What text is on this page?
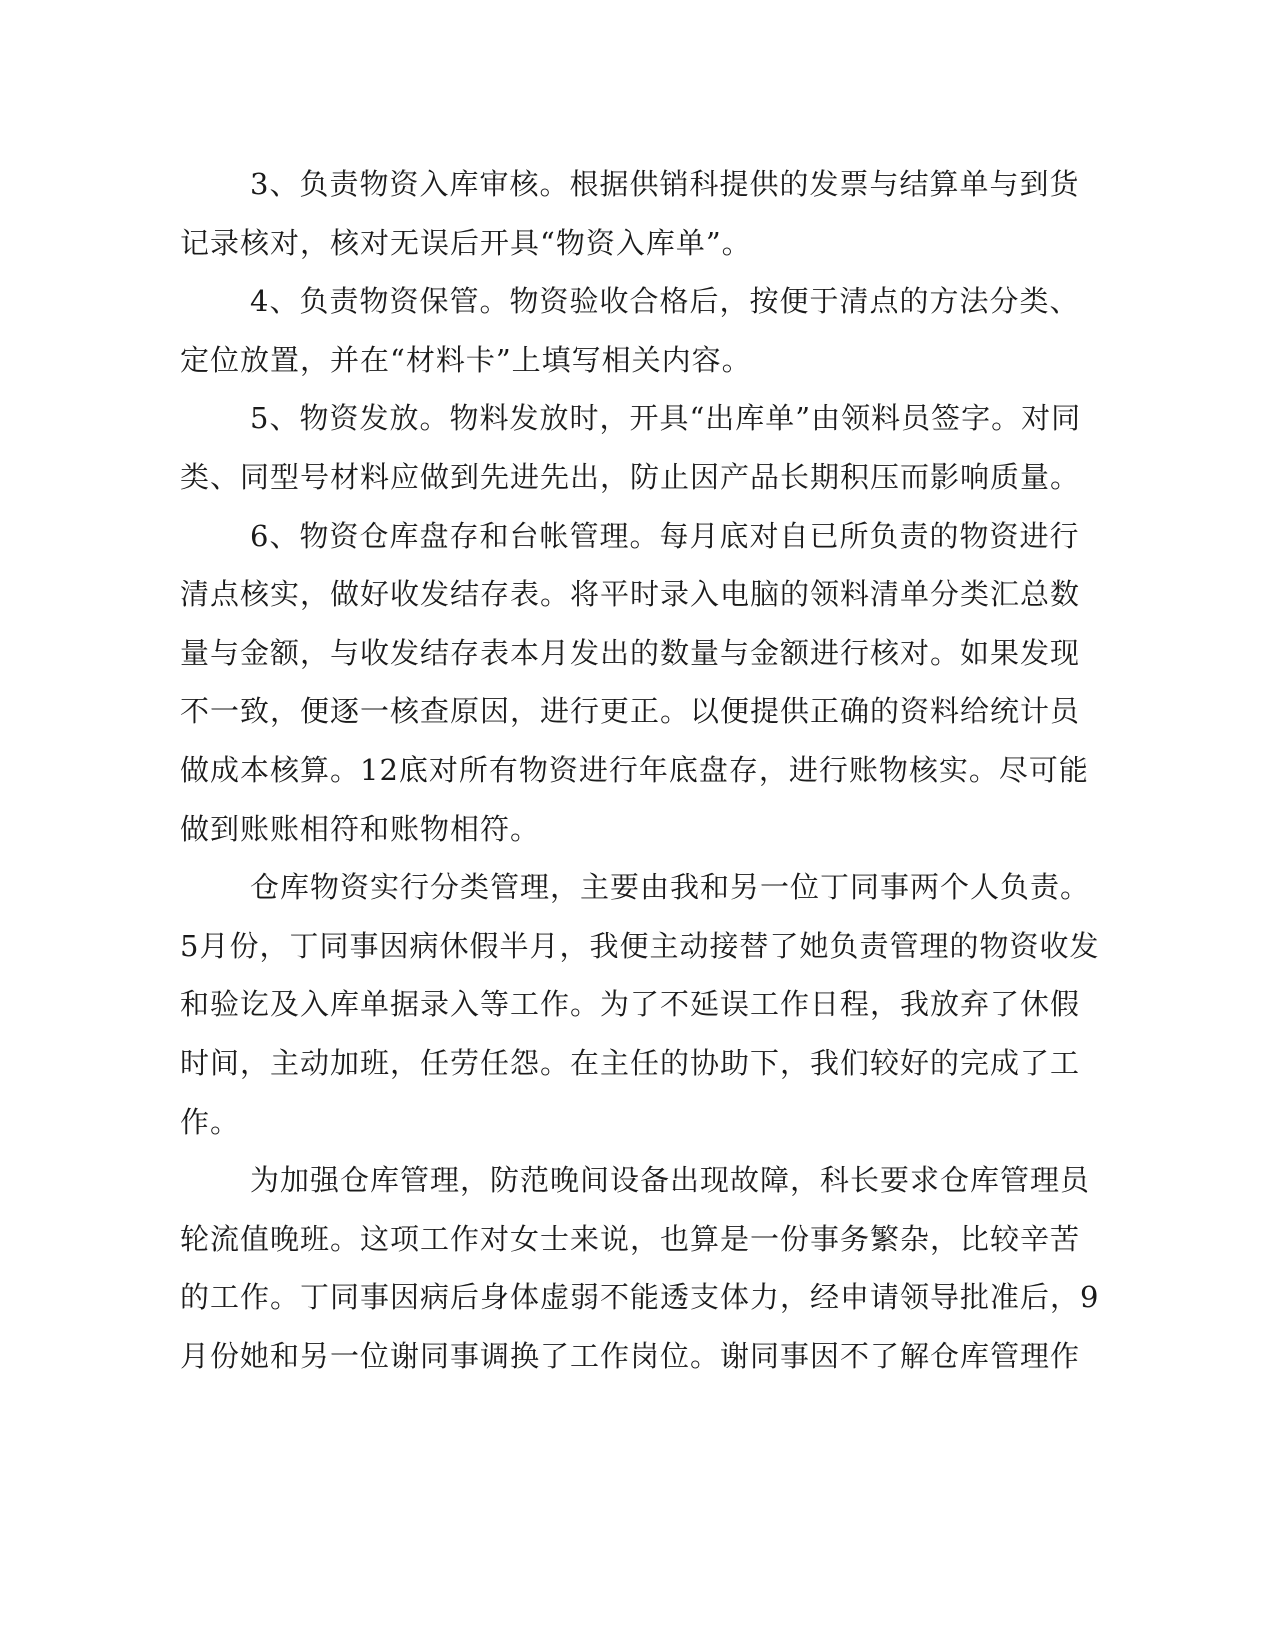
3、负责物资入库审核。根据供销科提供的发票与结算单与到货
记录核对，核对无误后开具“物资入库单”。
4、负责物资保管。物资验收合格后，按便于清点的方法分类、
定位放置，并在“材料卡”上填写相关内容。
5、物资发放。物料发放时，开具“出库单”由领料员签字。对同
类、同型号材料应做到先进先出，防止因产品长期积压而影响质量。
6、物资仓库盘存和台帐管理。每月底对自已所负责的物资进行
清点核实，做好收发结存表。将平时录入电脑的领料清单分类汇总数
量与金额，与收发结存表本月发出的数量与金额进行核对。如果发现
不一致，便逐一核查原因，进行更正。以便提供正确的资料给统计员
做成本核算。12底对所有物资进行年底盘存，进行账物核实。尽可能
做到账账相符和账物相符。
仓库物资实行分类管理，主要由我和另一位丁同事两个人负责。
5月份，丁同事因病休假半月，我便主动接替了她负责管理的物资收发
和验讫及入库单据录入等工作。为了不延误工作日程，我放弃了休假
时间，主动加班，任劳任怨。在主任的协助下，我们较好的完成了工
作。
为加强仓库管理，防范晚间设备出现故障，科长要求仓库管理员
轮流值晚班。这项工作对女士来说，也算是一份事务繁杂，比较辛苦
的工作。丁同事因病后身体虚弱不能透支体力，经申请领导批准后，9
月份她和另一位谢同事调换了工作岗位。谢同事因不了解仓库管理作
